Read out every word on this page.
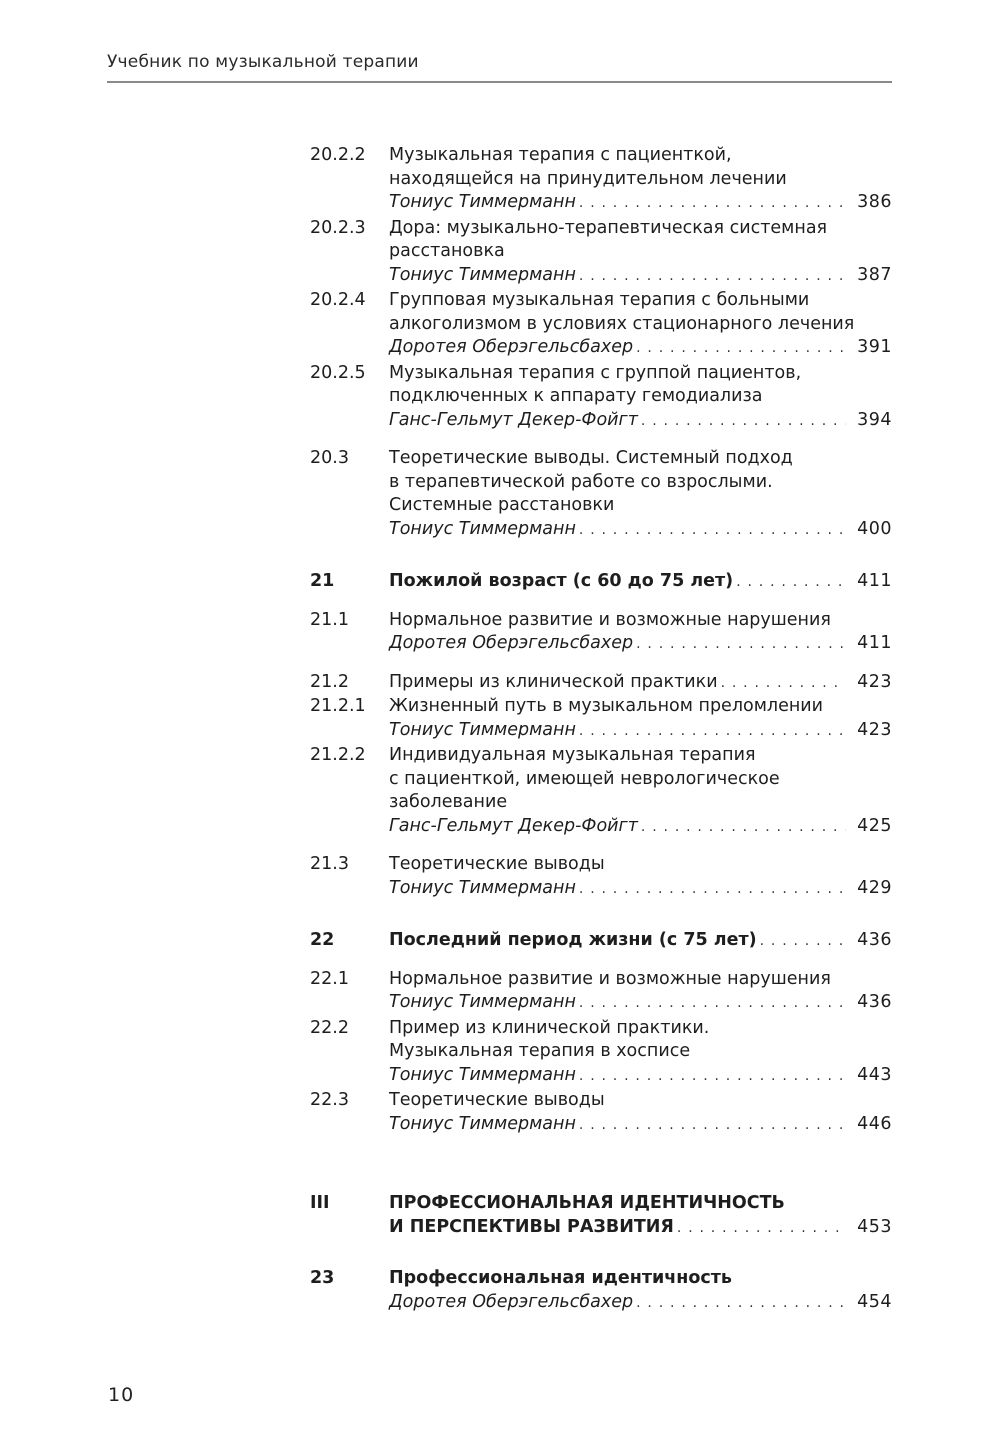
Учебник по музыкальной терапии
20.2.2	Музыкальная терапия с пациенткой,
находящейся на принудительном лечении
Тониус Тиммерманн . . .	386
20.2.3	Дора: музыкально-терапевтическая системная
расстановка
Тониус Тиммерманн . . .	387
20.2.4	Групповая музыкальная терапия с больными
алкоголизмом в условиях стационарного лечения
Доротея Оберэгельсбахер . . .	391
20.2.5	Музыкальная терапия с группой пациентов,
подключенных к аппарату гемодиализа
Ганс-Гельмут Декер-Фойгт . . .	394
20.3	Теоретические выводы. Системный подход
в терапевтической работе со взрослыми.
Системные расстановки
Тониус Тиммерманн . . .	400
21	Пожилой возраст (с 60 до 75 лет) . . .	411
21.1	Нормальное развитие и возможные нарушения
Доротея Оберэгельсбахер . . .	411
21.2	Примеры из клинической практики . . .	423
21.2.1	Жизненный путь в музыкальном преломлении
Тониус Тиммерманн . . .	423
21.2.2	Индивидуальная музыкальная терапия
с пациенткой, имеющей неврологическое
заболевание
Ганс-Гельмут Декер-Фойгт . . .	425
21.3	Теоретические выводы
Тониус Тиммерманн . . .	429
22	Последний период жизни (с 75 лет) . . .	436
22.1	Нормальное развитие и возможные нарушения
Тониус Тиммерманн . . .	436
22.2	Пример из клинической практики.
Музыкальная терапия в хосписе
Тониус Тиммерманн . . .	443
22.3	Теоретические выводы
Тониус Тиммерманн . . .	446
III	ПРОФЕССИОНАЛЬНАЯ ИДЕНТИЧНОСТЬ
И ПЕРСПЕКТИВЫ РАЗВИТИЯ . . .	453
23	Профессиональная идентичность
Доротея Оберэгельсбахер . . .	454
10
